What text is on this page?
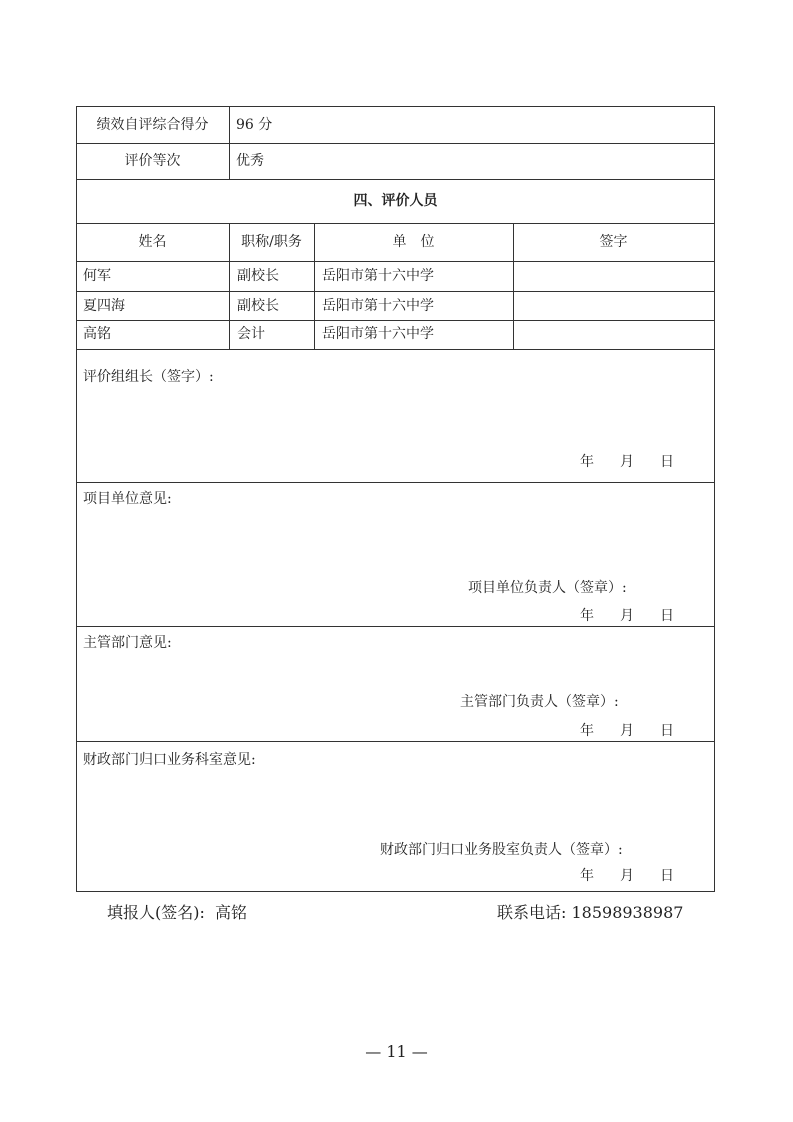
绩效自评综合得分	96 分
评价等次	优秀
四、评价人员
姓名	职称/职务	单　位	签字
何军	副校长	岳阳市第十六中学
夏四海	副校长	岳阳市第十六中学
高铭	会计	岳阳市第十六中学
评价组组长（签字）:
年 月 日
项目单位意见:
项目单位负责人（签章）:
年 月 日
主管部门意见:
主管部门负责人（签章）:
年 月 日
财政部门归口业务科室意见:
财政部门归口业务股室负责人（签章）:
年 月 日
填报人(签名):  高铭	联系电话: 18598938987
— 11 —
